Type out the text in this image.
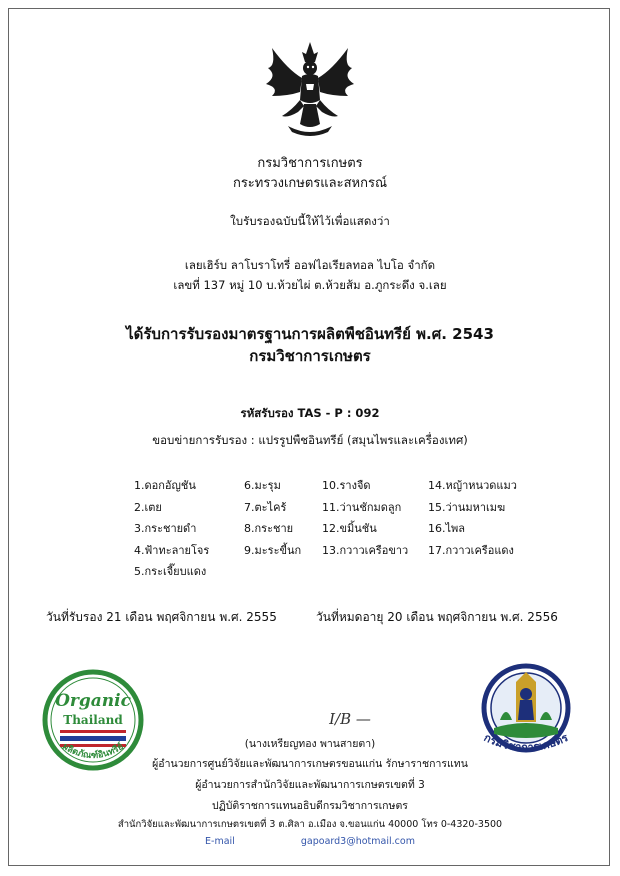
กรมวิชาการเกษตร
กระทรวงเกษตรและสหกรณ์
ใบรับรองฉบับนี้ให้ไว้เพื่อแสดงว่า
เลยเฮิร์บ ลาโบราโทรี่ ออฟไอเรียลทอล ไบโอ จำกัด
เลขที่ 137 หมู่ 10 บ.ห้วยไผ่ ต.ห้วยส้ม อ.ภูกระดึง จ.เลย
ได้รับการรับรองมาตรฐานการผลิตพืชอินทรีย์ พ.ศ. 2543
กรมวิชาการเกษตร
รหัสรับรอง TAS - P : 092
ขอบข่ายการรับรอง : แปรรูปพืชอินทรีย์ (สมุนไพรและเครื่องเทศ)
1.ดอกอัญชัน
2.เตย
3.กระชายดำ
4.ฟ้าทะลายโจร
5.กระเจี๊ยบแดง
6.มะรุม
7.ตะไคร้
8.กระชาย
9.มะระขี้นก
10.รางจืด
11.ว่านชักมดลูก
12.ขมิ้นชัน
13.กวาวเครือขาว
14.หญ้าหนวดแมว
15.ว่านมหาเมฆ
16.ไพล
17.กวาวเครือแดง
วันที่รับรอง 21 เดือน พฤศจิกายน พ.ศ. 2555	วันที่หมดอายุ 20 เดือน พฤศจิกายน พ.ศ. 2556
Organic
Thailand
ผลิตภัณฑ์อินทรีย์
กรมวิชาการเกษตร
I/B —
(นางเหรียญทอง พานสายตา)
ผู้อำนวยการศูนย์วิจัยและพัฒนาการเกษตรขอนแก่น รักษาราชการแทน
ผู้อำนวยการสำนักวิจัยและพัฒนาการเกษตรเขตที่ 3
ปฏิบัติราชการแทนอธิบดีกรมวิชาการเกษตร
สำนักวิจัยและพัฒนาการเกษตรเขตที่ 3 ต.ศิลา อ.เมือง จ.ขอนแก่น 40000 โทร 0-4320-3500
E-mail	gapoard3@hotmail.com
